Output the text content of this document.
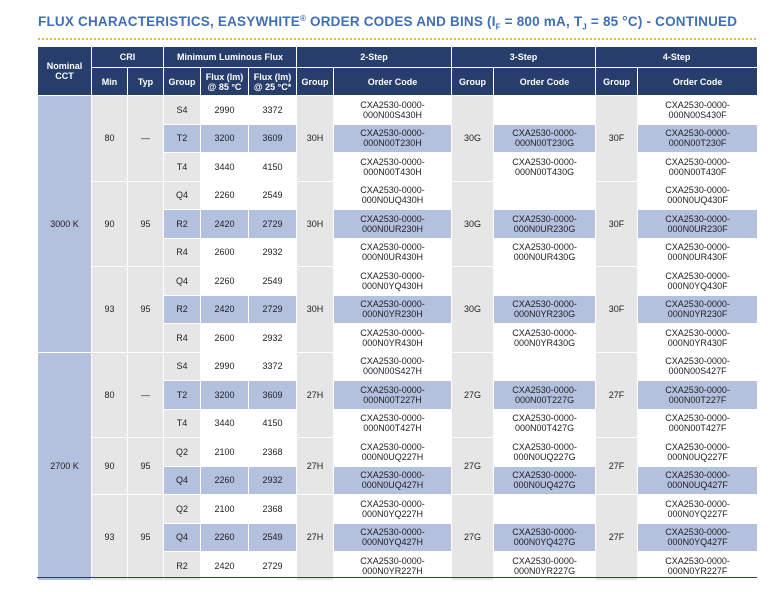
FLUX CHARACTERISTICS, EASYWHITE® ORDER CODES AND BINS ($I_F = 800$ mA, $T_J = 85$ °C) - CONTINUED
Nominal CCT	CRI		Minimum Luminous Flux			2-Step		3-Step		4-Step	
	Min	Typ	Group	Flux (lm) @ 85 °C	Flux (lm) @ 25 °C*	Group	Order Code	Group	Order Code	Group	Order Code
3000 K	80	—	S4	2990	3372	30H	CXA2530-0000-000N00S430H	30G		30F	CXA2530-0000-000N00S430F
			T2	3200	3609		CXA2530-0000-000N00T230H		CXA2530-0000-000N00T230G		CXA2530-0000-000N00T230F
			T4	3440	4150		CXA2530-0000-000N00T430H		CXA2530-0000-000N00T430G		CXA2530-0000-000N00T430F
	90	95	Q4	2260	2549	30H	CXA2530-0000-000N0UQ430H	30G		30F	CXA2530-0000-000N0UQ430F
			R2	2420	2729		CXA2530-0000-000N0UR230H		CXA2530-0000-000N0UR230G		CXA2530-0000-000N0UR230F
			R4	2600	2932		CXA2530-0000-000N0UR430H		CXA2530-0000-000N0UR430G		CXA2530-0000-000N0UR430F
	93	95	Q4	2260	2549	30H	CXA2530-0000-000N0YQ430H	30G		30F	CXA2530-0000-000N0YQ430F
			R2	2420	2729		CXA2530-0000-000N0YR230H		CXA2530-0000-000N0YR230G		CXA2530-0000-000N0YR230F
			R4	2600	2932		CXA2530-0000-000N0YR430H		CXA2530-0000-000N0YR430G		CXA2530-0000-000N0YR430F
2700 K	80	—	S4	2990	3372	27H	CXA2530-0000-000N00S427H	27G		27F	CXA2530-0000-000N00S427F
			T2	3200	3609		CXA2530-0000-000N00T227H		CXA2530-0000-000N00T227G		CXA2530-0000-000N00T227F
			T4	3440	4150		CXA2530-0000-000N00T427H		CXA2530-0000-000N00T427G		CXA2530-0000-000N00T427F
	90	95	Q2	2100	2368	27H	CXA2530-0000-000N0UQ227H	27G	CXA2530-0000-000N0UQ227G	27F	CXA2530-0000-000N0UQ227F
			Q4	2260	2932		CXA2530-0000-000N0UQ427H		CXA2530-0000-000N0UQ427G		CXA2530-0000-000N0UQ427F
	93	95	Q2	2100	2368	27H	CXA2530-0000-000N0YQ227H	27G		27F	CXA2530-0000-000N0YQ227F
			Q4	2260	2549		CXA2530-0000-000N0YQ427H		CXA2530-0000-000N0YQ427G		CXA2530-0000-000N0YQ427F
			R2	2420	2729		CXA2530-0000-000N0YR227H		CXA2530-0000-000N0YR227G		CXA2530-0000-000N0YR227F
